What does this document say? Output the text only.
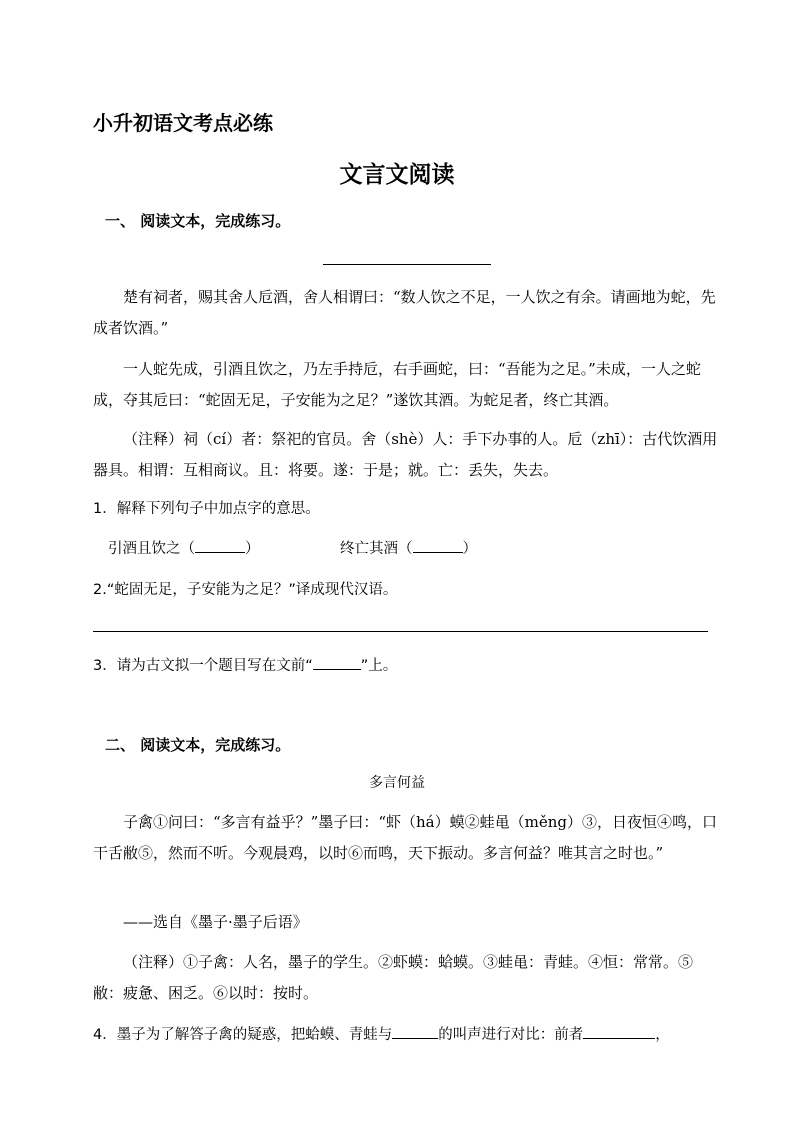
小升初语文考点必练
文言文阅读
一、 阅读文本，完成练习。
楚有祠者，赐其舍人卮酒，舍人相谓曰：“数人饮之不足，一人饮之有余。请画地为蛇，先成者饮酒。”
一人蛇先成，引酒且饮之，乃左手持卮，右手画蛇，曰：“吾能为之足。”未成，一人之蛇成，夺其卮曰：“蛇固无足，子安能为之足？”遂饮其酒。为蛇足者，终亡其酒。
（注释）祠（cí）者：祭祀的官员。舍（shè）人：手下办事的人。卮（zhī）：古代饮酒用器具。相谓：互相商议。且：将要。遂：于是；就。亡：丢失，失去。
1．解释下列句子中加点字的意思。
引酒且饮之（	）	终亡其酒（	）
2.“蛇固无足，子安能为之足？”译成现代汉语。
3．请为古文拟一个题目写在文前“	”上。
二、 阅读文本，完成练习。
多言何益
子禽①问曰：“多言有益乎？”墨子曰：“虾（há）蟆②蛙黾（měng）③，日夜恒④鸣，口干舌敝⑤，然而不听。今观晨鸡，以时⑥而鸣，天下振动。多言何益？唯其言之时也。”
——选自《墨子·墨子后语》
（注释）①子禽：人名，墨子的学生。②虾蟆：蛤蟆。③蛙黾：青蛙。④恒：常常。⑤敝：疲惫、困乏。⑥以时：按时。
4．墨子为了解答子禽的疑惑，把蛤蟆、青蛙与	的叫声进行对比：前者	，
